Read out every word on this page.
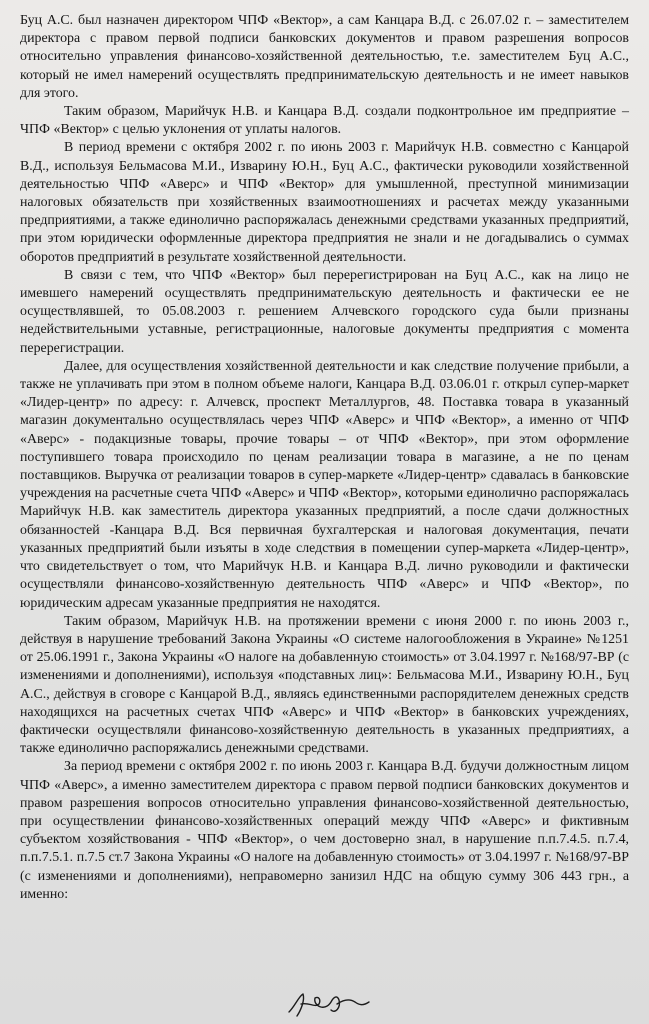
Буц А.С. был назначен директором ЧПФ «Вектор», а сам Канцара В.Д. с 26.07.02 г. – заместителем директора с правом первой подписи банковских документов и правом разрешения вопросов относительно управления финансово-хозяйственной деятельностью, т.е. заместителем Буц А.С., который не имел намерений осуществлять предпринимательскую деятельность и не имеет навыков для этого.

Таким образом, Марийчук Н.В. и Канцара В.Д. создали подконтрольное им предприятие – ЧПФ «Вектор» с целью уклонения от уплаты налогов.

В период времени с октября 2002 г. по июнь 2003 г. Марийчук Н.В. совместно с Канцарой В.Д., используя Бельмасова М.И., Изварину Ю.Н., Буц А.С., фактически руководили хозяйственной деятельностью ЧПФ «Аверс» и ЧПФ «Вектор» для умышленной, преступной минимизации налоговых обязательств при хозяйственных взаимоотношениях и расчетах между указанными предприятиями, а также единолично распоряжалась денежными средствами указанных предприятий, при этом юридически оформленные директора предприятия не знали и не догадывались о суммах оборотов предприятий в результате хозяйственной деятельности.

В связи с тем, что ЧПФ «Вектор» был перерегистрирован на Буц А.С., как на лицо не имевшего намерений осуществлять предпринимательскую деятельность и фактически ее не осуществлявшей, то 05.08.2003 г. решением Алчевского городского суда были признаны недействительными уставные, регистрационные, налоговые документы предприятия с момента перерегистрации.

Далее, для осуществления хозяйственной деятельности и как следствие получение прибыли, а также не уплачивать при этом в полном объеме налоги, Канцара В.Д. 03.06.01 г. открыл супер-маркет «Лидер-центр» по адресу: г. Алчевск, проспект Металлургов, 48. Поставка товара в указанный магазин документально осуществлялась через ЧПФ «Аверс» и ЧПФ «Вектор», а именно от ЧПФ «Аверс» - подакцизные товары, прочие товары – от ЧПФ «Вектор», при этом оформление поступившего товара происходило по ценам реализации товара в магазине, а не по ценам поставщиков. Выручка от реализации товаров в супер-маркете «Лидер-центр» сдавалась в банковские учреждения на расчетные счета ЧПФ «Аверс» и ЧПФ «Вектор», которыми единолично распоряжалась Марийчук Н.В. как заместитель директора указанных предприятий, а после сдачи должностных обязанностей -Канцара В.Д. Вся первичная бухгалтерская и налоговая документация, печати указанных предприятий были изъяты в ходе следствия в помещении супер-маркета «Лидер-центр», что свидетельствует о том, что Марийчук Н.В. и Канцара В.Д. лично руководили и фактически осуществляли финансово-хозяйственную деятельность ЧПФ «Аверс» и ЧПФ «Вектор», по юридическим адресам указанные предприятия не находятся.

Таким образом, Марийчук Н.В. на протяжении времени с июня 2000 г. по июнь 2003 г., действуя в нарушение требований Закона Украины «О системе налогообложения в Украине» №1251 от 25.06.1991 г., Закона Украины «О налоге на добавленную стоимость» от 3.04.1997 г. №168/97-ВР (с изменениями и дополнениями), используя «подставных лиц»: Бельмасова М.И., Изварину Ю.Н., Буц А.С., действуя в сговоре с Канцарой В.Д., являясь единственными распорядителем денежных средств находящихся на расчетных счетах ЧПФ «Аверс» и ЧПФ «Вектор» в банковских учреждениях, фактически осуществляли финансово-хозяйственную деятельность в указанных предприятиях, а также единолично распоряжались денежными средствами.

За период времени с октября 2002 г. по июнь 2003 г. Канцара В.Д. будучи должностным лицом ЧПФ «Аверс», а именно заместителем директора с правом первой подписи банковских документов и правом разрешения вопросов относительно управления финансово-хозяйственной деятельностью, при осуществлении финансово-хозяйственных операций между ЧПФ «Аверс» и фиктивным субъектом хозяйствования - ЧПФ «Вектор», о чем достоверно знал, в нарушение п.п.7.4.5. п.7.4, п.п.7.5.1. п.7.5 ст.7 Закона Украины «О налоге на добавленную стоимость» от 3.04.1997 г. №168/97-ВР (с изменениями и дополнениями), неправомерно занизил НДС на общую сумму 306 443 грн., а именно:
